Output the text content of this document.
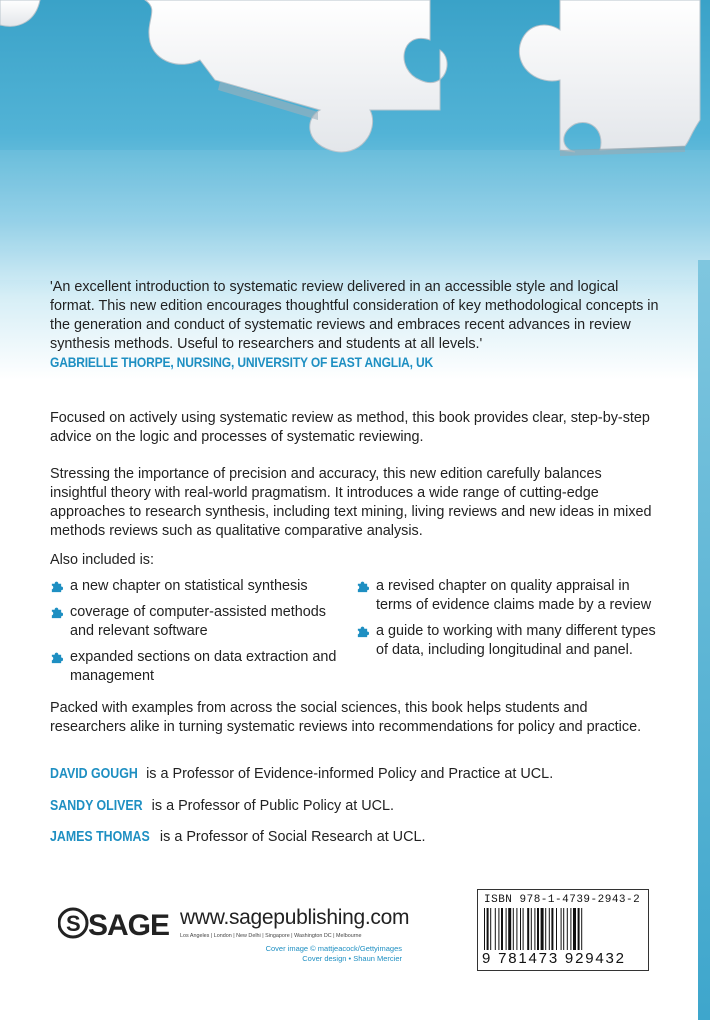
'An excellent introduction to systematic review delivered in an accessible style and logical format. This new edition encourages thoughtful consideration of key methodological concepts in the generation and conduct of systematic reviews and embraces recent advances in review synthesis methods. Useful to researchers and students at all levels.'
GABRIELLE THORPE, NURSING, UNIVERSITY OF EAST ANGLIA, UK
Focused on actively using systematic review as method, this book provides clear, step-by-step advice on the logic and processes of systematic reviewing.
Stressing the importance of precision and accuracy, this new edition carefully balances insightful theory with real-world pragmatism. It introduces a wide range of cutting-edge approaches to research synthesis, including text mining, living reviews and new ideas in mixed methods reviews such as qualitative comparative analysis.
Also included is:
a new chapter on statistical synthesis
coverage of computer-assisted methods and relevant software
expanded sections on data extraction and management
a revised chapter on quality appraisal in terms of evidence claims made by a review
a guide to working with many different types of data, including longitudinal and panel.
Packed with examples from across the social sciences, this book helps students and researchers alike in turning systematic reviews into recommendations for policy and practice.
DAVID GOUGH is a Professor of Evidence-informed Policy and Practice at UCL.
SANDY OLIVER is a Professor of Public Policy at UCL.
JAMES THOMAS is a Professor of Social Research at UCL.
S SAGE www.sagepublishing.com
Los Angeles | London | New Delhi | Singapore | Washington DC | Melbourne
Cover image © mattjeacock/Gettyimages
Cover design • Shaun Mercier
ISBN 978-1-4739-2943-2
9 781473 929432
